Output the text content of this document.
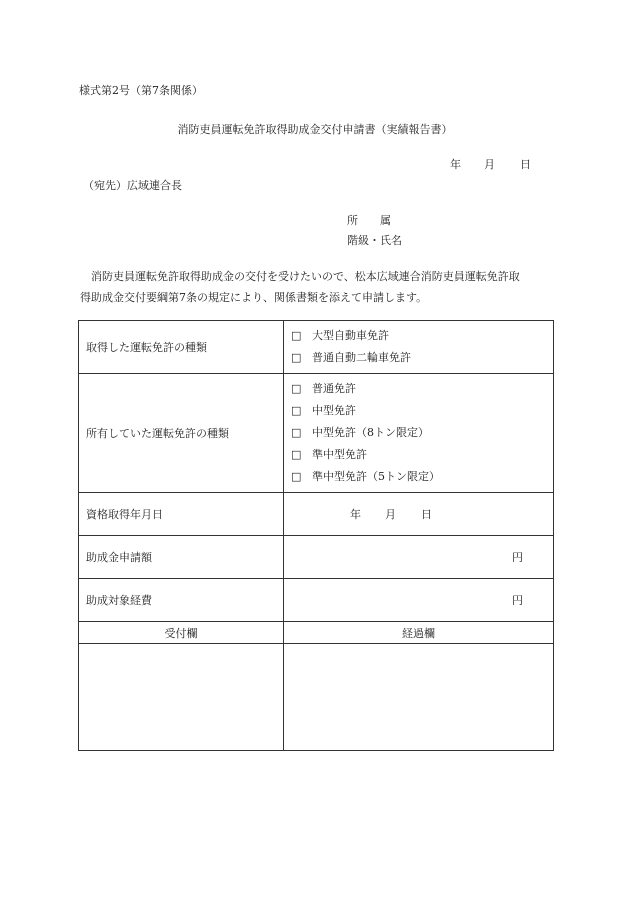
様式第2号（第7条関係）
消防吏員運転免許取得助成金交付申請書（実績報告書）
年 月 日
（宛先）広域連合長
所　　属
階級・氏名

　消防吏員運転免許取得助成金の交付を受けたいので、松本広域連合消防吏員運転免許取

得助成金交付要綱第7条の規定により、関係書類を添えて申請します。

取得した運転免許の種類	□ 大型自動車免許
□ 普通自動二輪車免許

所有していた運転免許の種類	□ 普通免許
□ 中型免許
□ 中型免許（8トン限定）
□ 準中型免許
□ 準中型免許（5トン限定）

資格取得年月日	年 月 日
助成金申請額	円
助成対象経費	円
受付欄	経過欄
